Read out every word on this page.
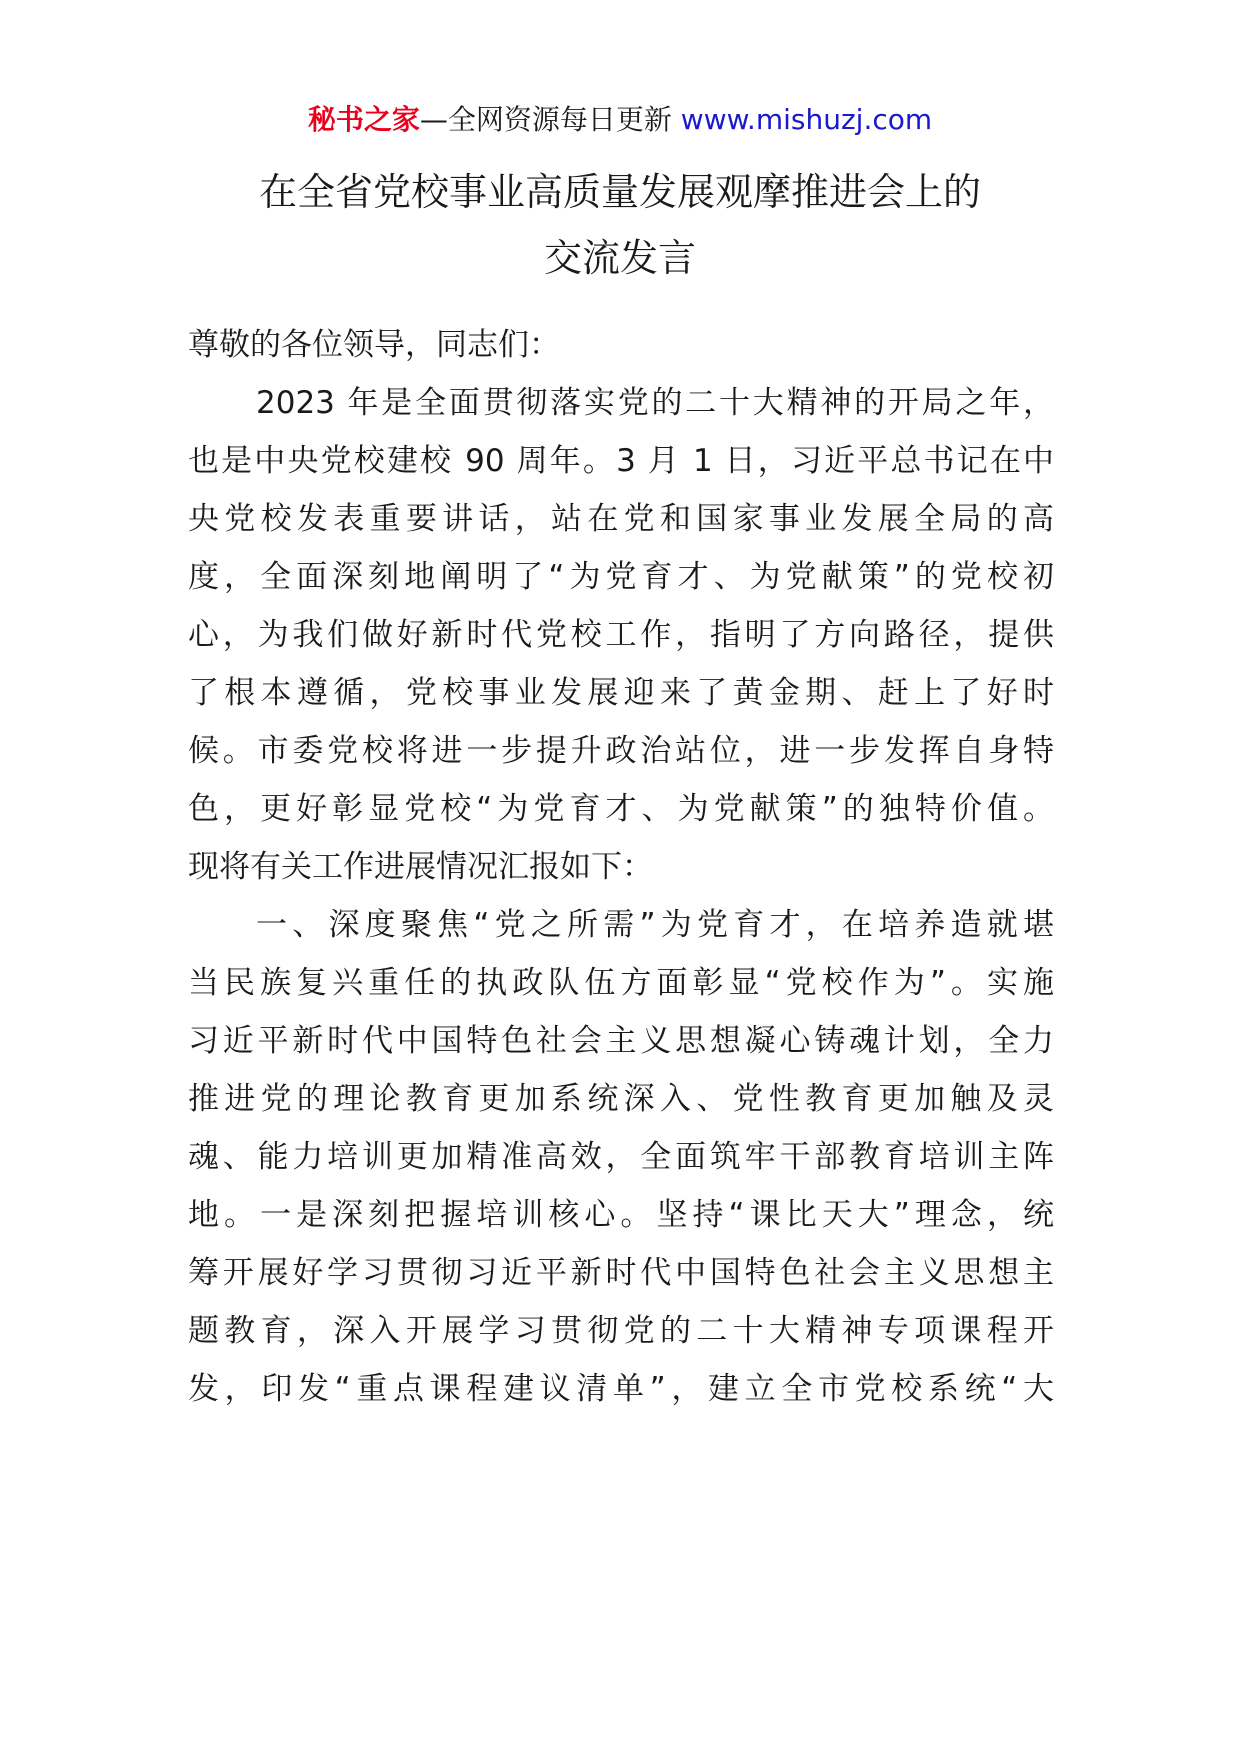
秘书之家—全网资源每日更新 www.mishuzj.com
在全省党校事业高质量发展观摩推进会上的
交流发言
尊敬的各位领导，同志们：
2023 年是全面贯彻落实党的二十大精神的开局之年，
也是中央党校建校 90 周年。3 月 1 日，习近平总书记在中
央党校发表重要讲话，站在党和国家事业发展全局的高
度，全面深刻地阐明了“为党育才、为党献策”的党校初
心，为我们做好新时代党校工作，指明了方向路径，提供
了根本遵循，党校事业发展迎来了黄金期、赶上了好时
候。市委党校将进一步提升政治站位，进一步发挥自身特
色，更好彰显党校“为党育才、为党献策”的独特价值。
现将有关工作进展情况汇报如下：
一、深度聚焦“党之所需”为党育才，在培养造就堪
当民族复兴重任的执政队伍方面彰显“党校作为”。实施
习近平新时代中国特色社会主义思想凝心铸魂计划，全力
推进党的理论教育更加系统深入、党性教育更加触及灵
魂、能力培训更加精准高效，全面筑牢干部教育培训主阵
地。一是深刻把握培训核心。坚持“课比天大”理念，统
筹开展好学习贯彻习近平新时代中国特色社会主义思想主
题教育，深入开展学习贯彻党的二十大精神专项课程开
发，印发“重点课程建议清单”，建立全市党校系统“大
